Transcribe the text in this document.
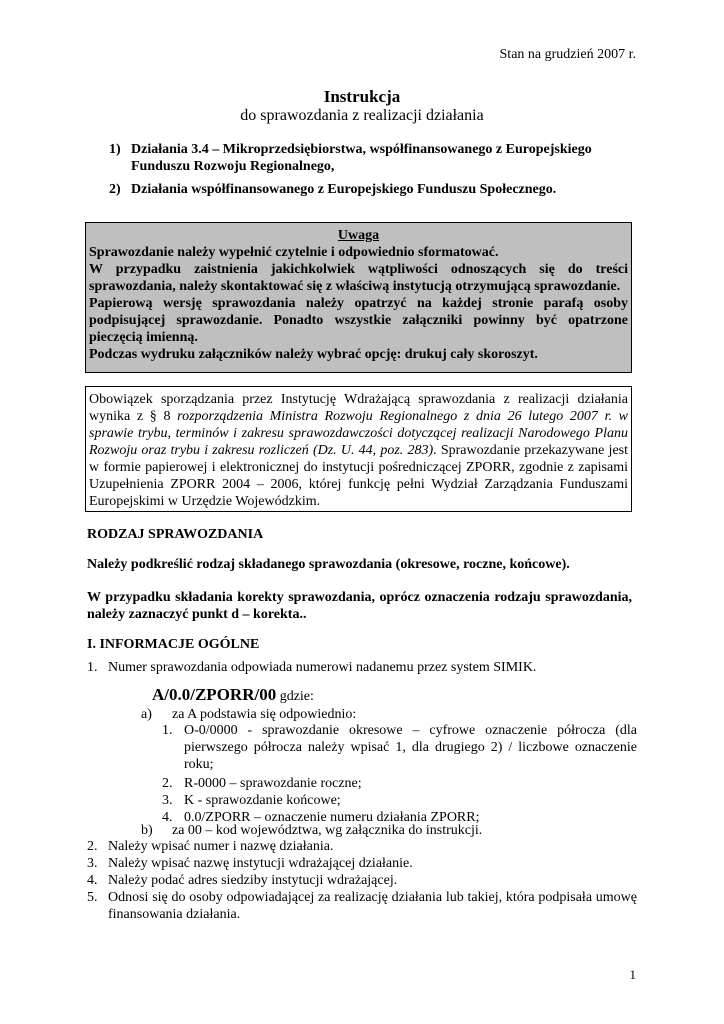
Stan na grudzień 2007 r.
Instrukcja
do sprawozdania z realizacji działania
1) Działania 3.4 – Mikroprzedsiębiorstwa, współfinansowanego z Europejskiego Funduszu Rozwoju Regionalnego,
2) Działania współfinansowanego z Europejskiego Funduszu Społecznego.
Uwaga
Sprawozdanie należy wypełnić czytelnie i odpowiednio sformatować.
W przypadku zaistnienia jakichkolwiek wątpliwości odnoszących się do treści sprawozdania, należy skontaktować się z właściwą instytucją otrzymującą sprawozdanie.
Papierową wersję sprawozdania należy opatrzyć na każdej stronie parafą osoby podpisującej sprawozdanie. Ponadto wszystkie załączniki powinny być opatrzone pieczęcią imienną.
Podczas wydruku załączników należy wybrać opcję: drukuj cały skoroszyt.
Obowiązek sporządzania przez Instytucję Wdrażającą sprawozdania z realizacji działania wynika z § 8 rozporządzenia Ministra Rozwoju Regionalnego z dnia 26 lutego 2007 r. w sprawie trybu, terminów i zakresu sprawozdawczości dotyczącej realizacji Narodowego Planu Rozwoju oraz trybu i zakresu rozliczeń (Dz. U. 44, poz. 283). Sprawozdanie przekazywane jest w formie papierowej i elektronicznej do instytucji pośredniczącej ZPORR, zgodnie z zapisami Uzupełnienia ZPORR 2004 – 2006, której funkcję pełni Wydział Zarządzania Funduszami Europejskimi w Urzędzie Wojewódzkim.
RODZAJ SPRAWOZDANIA
Należy podkreślić rodzaj składanego sprawozdania (okresowe, roczne, końcowe).
W przypadku składania korekty sprawozdania, oprócz oznaczenia rodzaju sprawozdania, należy zaznaczyć punkt d – korekta..
I. INFORMACJE OGÓLNE
1. Numer sprawozdania odpowiada numerowi nadanemu przez system SIMIK.
A/0.0/ZPORR/00 gdzie:
a) za A podstawia się odpowiednio:
1. O-0/0000 - sprawozdanie okresowe – cyfrowe oznaczenie półrocza (dla pierwszego półrocza należy wpisać 1, dla drugiego 2) / liczbowe oznaczenie roku;
2. R-0000 – sprawozdanie roczne;
3. K - sprawozdanie końcowe;
4. 0.0/ZPORR – oznaczenie numeru działania ZPORR;
b) za 00 – kod województwa, wg załącznika do instrukcji.
2. Należy wpisać numer i nazwę działania.
3. Należy wpisać nazwę instytucji wdrażającej działanie.
4. Należy podać adres siedziby instytucji wdrażającej.
5. Odnosi się do osoby odpowiadającej za realizację działania lub takiej, która podpisała umowę finansowania działania.
1
